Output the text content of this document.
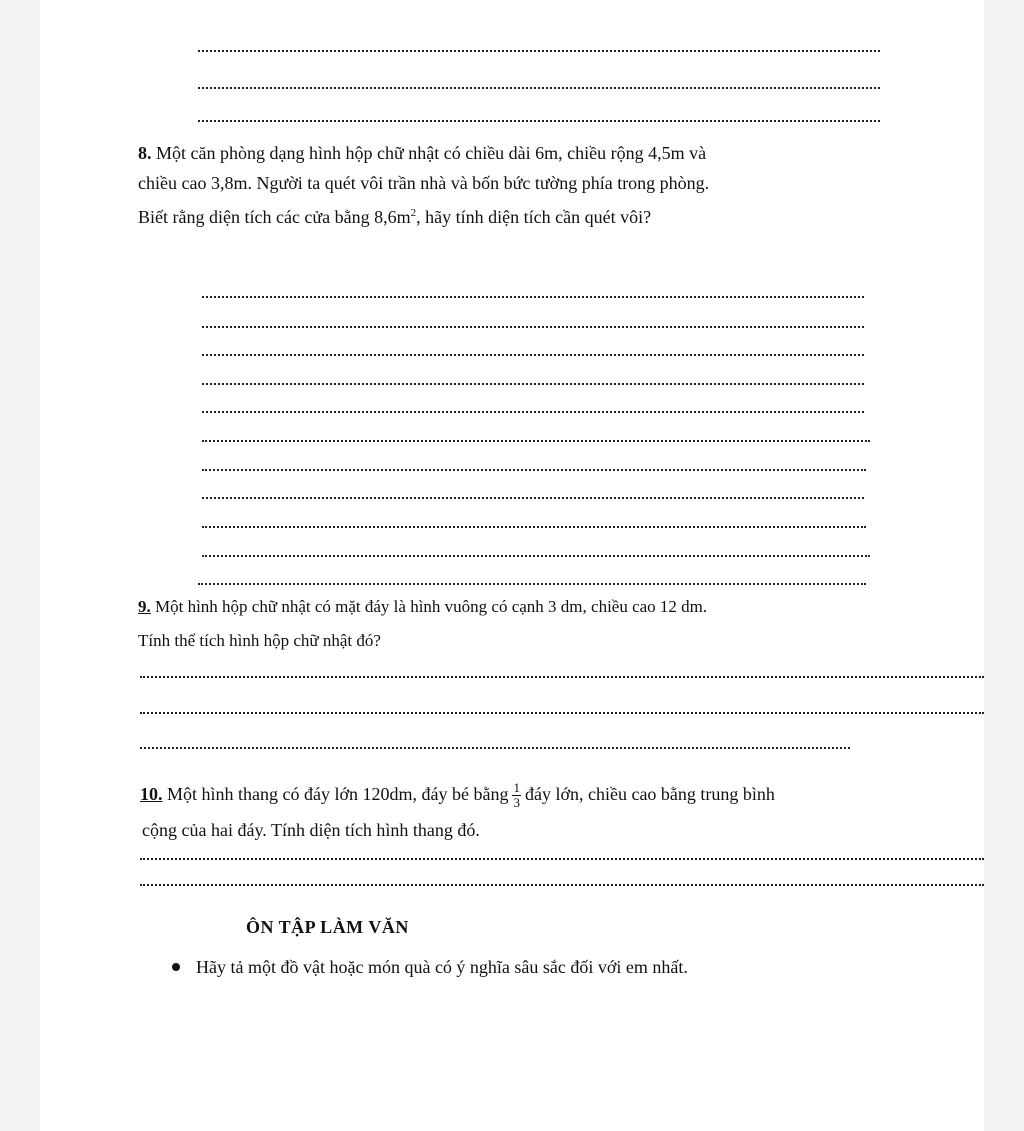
8. Một căn phòng dạng hình hộp chữ nhật có chiều dài 6m, chiều rộng 4,5m và
chiều cao 3,8m. Người ta quét vôi trần nhà và bốn bức tường phía trong phòng.
Biết rằng diện tích các cửa bằng $8,6m^2$, hãy tính diện tích cần quét vôi?
9. Một hình hộp chữ nhật có mặt đáy là hình vuông có cạnh 3 dm, chiều cao 12 dm.
Tính thể tích hình hộp chữ nhật đó?
10. Một hình thang có đáy lớn 120dm, đáy bé bằng $\frac{1}{3}$ đáy lớn, chiều cao bằng trung bình
cộng của hai đáy. Tính diện tích hình thang đó.
ÔN TẬP LÀM VĂN
Hãy tả một đồ vật hoặc món quà có ý nghĩa sâu sắc đối với em nhất.
